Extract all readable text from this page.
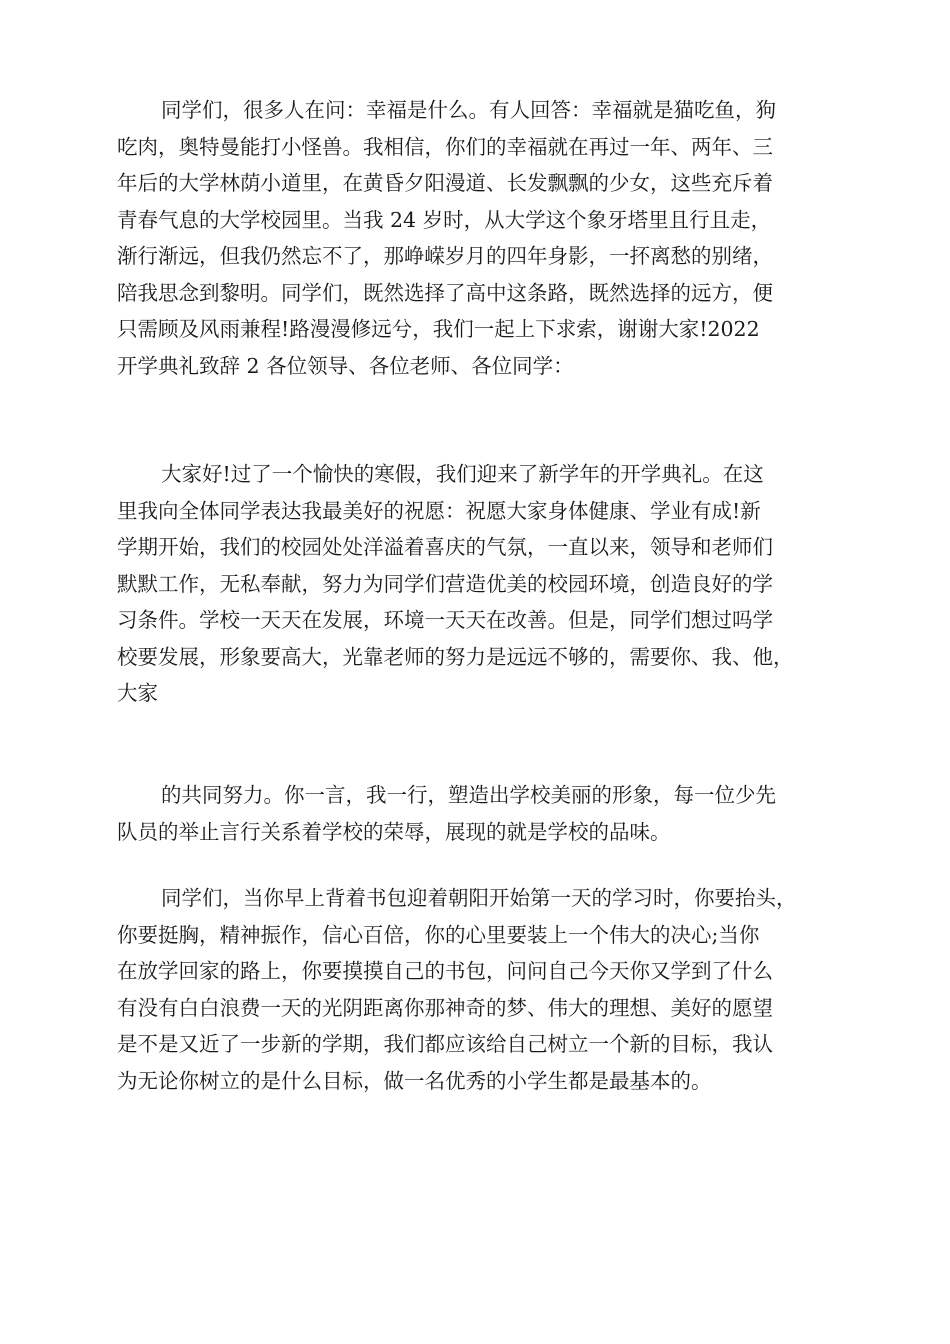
同学们，很多人在问：幸福是什么。有人回答：幸福就是猫吃鱼，狗
吃肉，奥特曼能打小怪兽。我相信，你们的幸福就在再过一年、两年、三
年后的大学林荫小道里，在黄昏夕阳漫道、长发飘飘的少女，这些充斥着
青春气息的大学校园里。当我 24 岁时，从大学这个象牙塔里且行且走，
渐行渐远，但我仍然忘不了，那峥嵘岁月的四年身影，一抔离愁的别绪，
陪我思念到黎明。同学们，既然选择了高中这条路，既然选择的远方，便
只需顾及风雨兼程!路漫漫修远兮，我们一起上下求索，谢谢大家!2022
开学典礼致辞 2 各位领导、各位老师、各位同学：
大家好!过了一个愉快的寒假，我们迎来了新学年的开学典礼。在这
里我向全体同学表达我最美好的祝愿：祝愿大家身体健康、学业有成!新
学期开始，我们的校园处处洋溢着喜庆的气氛，一直以来，领导和老师们
默默工作，无私奉献，努力为同学们营造优美的校园环境，创造良好的学
习条件。学校一天天在发展，环境一天天在改善。但是，同学们想过吗学
校要发展，形象要高大，光靠老师的努力是远远不够的，需要你、我、他，
大家
的共同努力。你一言，我一行，塑造出学校美丽的形象，每一位少先
队员的举止言行关系着学校的荣辱，展现的就是学校的品味。
同学们，当你早上背着书包迎着朝阳开始第一天的学习时，你要抬头，
你要挺胸，精神振作，信心百倍，你的心里要装上一个伟大的决心;当你
在放学回家的路上，你要摸摸自己的书包，问问自己今天你又学到了什么
有没有白白浪费一天的光阴距离你那神奇的梦、伟大的理想、美好的愿望
是不是又近了一步新的学期，我们都应该给自己树立一个新的目标，我认
为无论你树立的是什么目标，做一名优秀的小学生都是最基本的。
